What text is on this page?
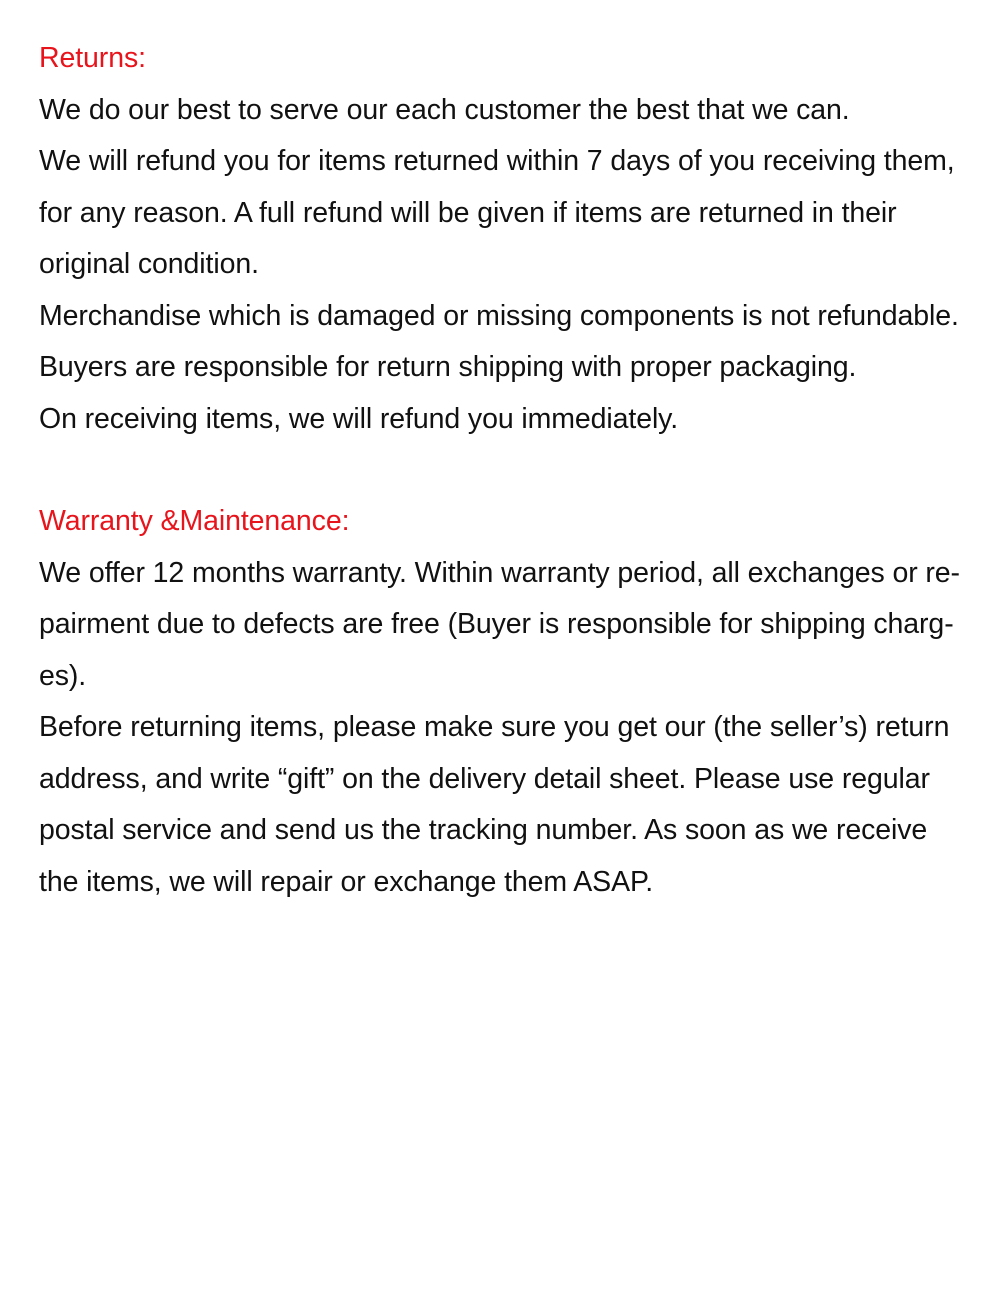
Returns:
We do our best to serve our each customer the best that we can.
We will refund you for items returned within 7 days of you receiving them,
for any reason. A full refund will be given if items are returned in their
original condition.
Merchandise which is damaged or missing components is not refundable.
Buyers are responsible for return shipping with proper packaging.
On receiving items, we will refund you immediately.
Warranty &Maintenance:
We offer 12 months warranty. Within warranty period, all exchanges or re-
pairment due to defects are free (Buyer is responsible for shipping charg-
es).
Before returning items, please make sure you get our (the seller’s) return
address, and write “gift” on the delivery detail sheet. Please use regular
postal service and send us the tracking number. As soon as we receive
the items, we will repair or exchange them ASAP.
